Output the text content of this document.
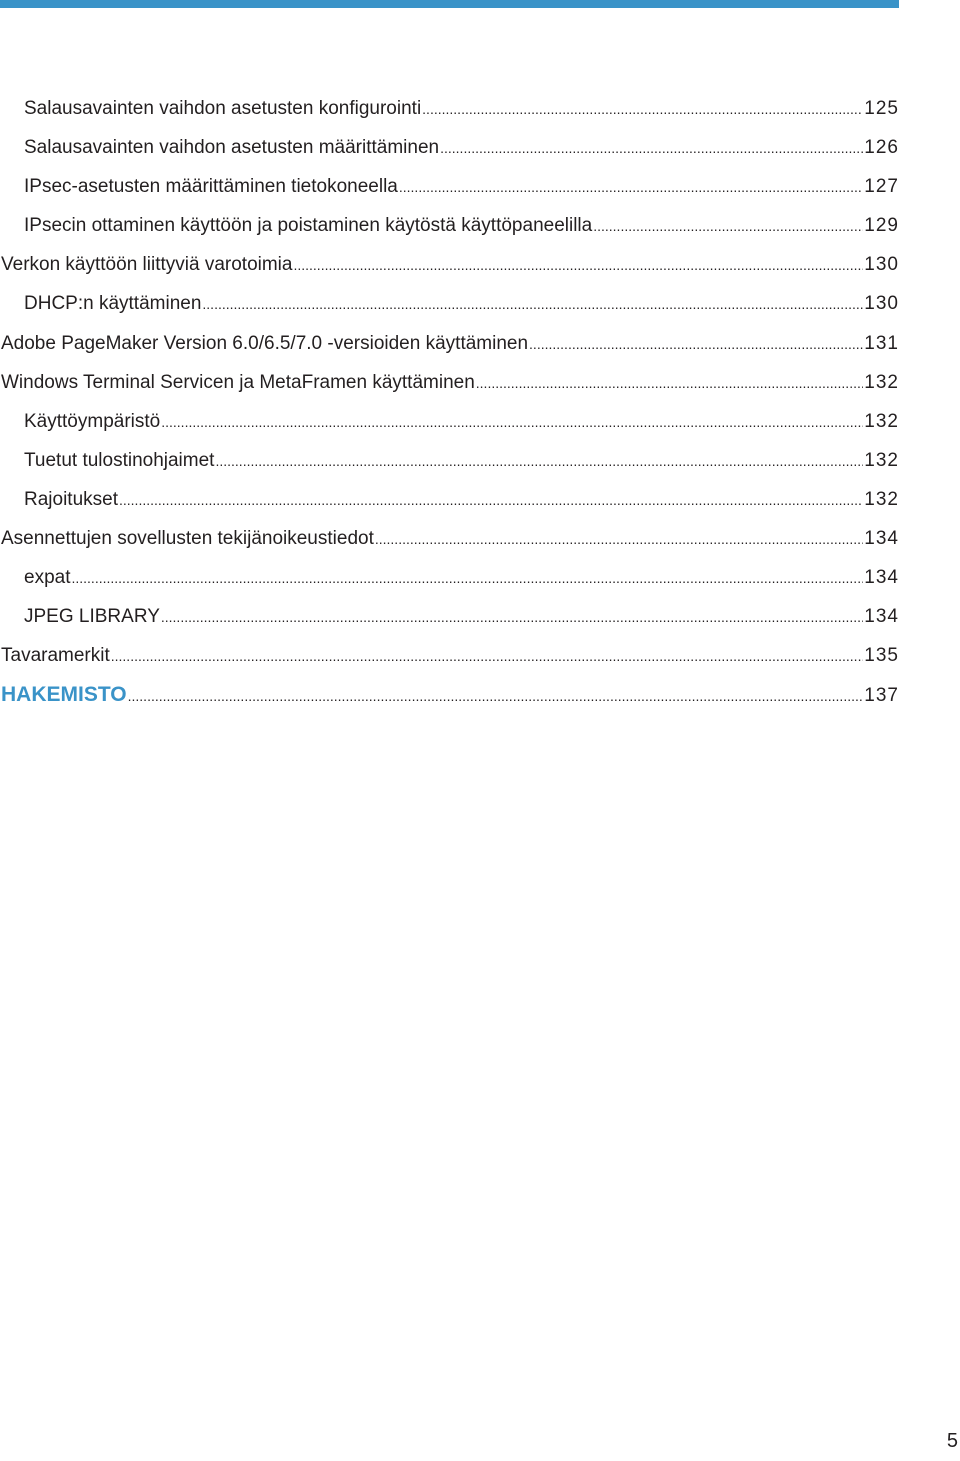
Salausavainten vaihdon asetusten konfigurointi .....	125
Salausavainten vaihdon asetusten määrittäminen .....	126
IPsec-asetusten määrittäminen tietokoneella .....	127
IPsecin ottaminen käyttöön ja poistaminen käytöstä käyttöpaneelilla .....	129
Verkon käyttöön liittyviä varotoimia .....	130
DHCP:n käyttäminen .....	130
Adobe PageMaker Version 6.0/6.5/7.0 -versioiden käyttäminen .....	131
Windows Terminal Servicen ja MetaFramen käyttäminen .....	132
Käyttöympäristö .....	132
Tuetut tulostinohjaimet .....	132
Rajoitukset .....	132
Asennettujen sovellusten tekijänoikeustiedot .....	134
expat .....	134
JPEG LIBRARY .....	134
Tavaramerkit .....	135
HAKEMISTO .....	137
5
